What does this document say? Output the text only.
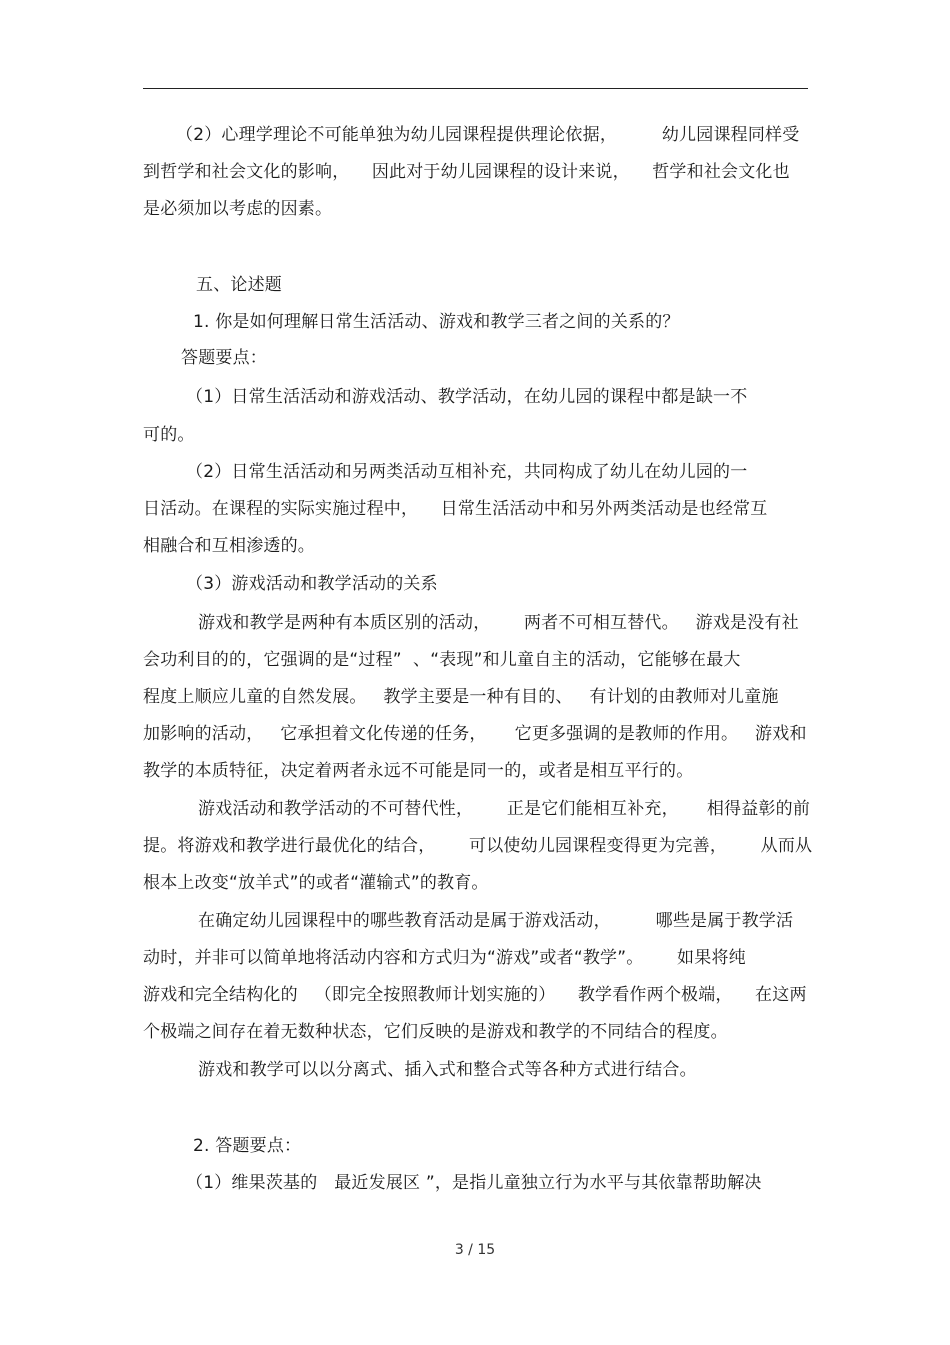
（2）心理学理论不可能单独为幼儿园课程提供理论依据，        幼儿园课程同样受
到哲学和社会文化的影响，    因此对于幼儿园课程的设计来说，    哲学和社会文化也
是必须加以考虑的因素。
五、论述题
1. 你是如何理解日常生活活动、游戏和教学三者之间的关系的？
答题要点：
（1）日常生活活动和游戏活动、教学活动，在幼儿园的课程中都是缺一不
可的。
（2）日常生活活动和另两类活动互相补充，共同构成了幼儿在幼儿园的一
日活动。在课程的实际实施过程中，    日常生活活动中和另外两类活动是也经常互
相融合和互相渗透的。
（3）游戏活动和教学活动的关系
游戏和教学是两种有本质区别的活动，      两者不可相互替代。   游戏是没有社
会功利目的的，它强调的是“过程”  、“表现”和儿童自主的活动，它能够在最大
程度上顺应儿童的自然发展。   教学主要是一种有目的、   有计划的由教师对儿童施
加影响的活动，   它承担着文化传递的任务，     它更多强调的是教师的作用。   游戏和
教学的本质特征，决定着两者永远不可能是同一的，或者是相互平行的。
游戏活动和教学活动的不可替代性，      正是它们能相互补充，     相得益彰的前
提。将游戏和教学进行最优化的结合，      可以使幼儿园课程变得更为完善，      从而从
根本上改变“放羊式”的或者“灌输式”的教育。
在确定幼儿园课程中的哪些教育活动是属于游戏活动，        哪些是属于教学活
动时，并非可以简单地将活动内容和方式归为“游戏”或者“教学”。      如果将纯
游戏和完全结构化的   （即完全按照教师计划实施的）    教学看作两个极端，    在这两
个极端之间存在着无数种状态，它们反映的是游戏和教学的不同结合的程度。
游戏和教学可以以分离式、插入式和整合式等各种方式进行结合。
2. 答题要点：
（1）维果茨基的   最近发展区 ”，是指儿童独立行为水平与其依靠帮助解决
3 / 15
